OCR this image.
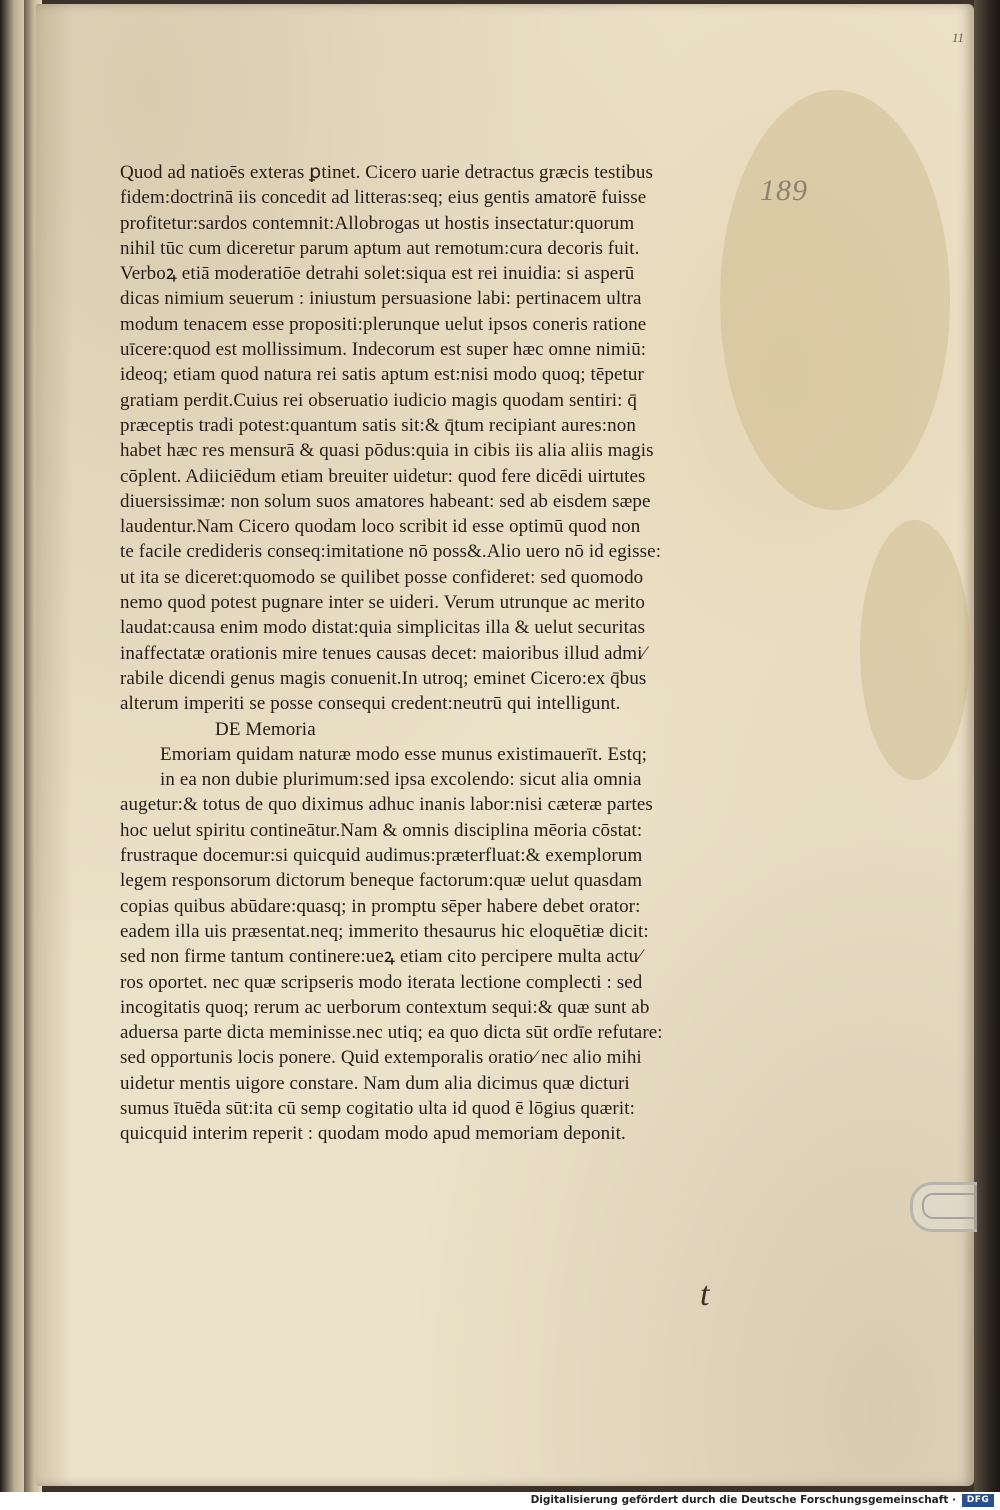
11
189
Quod ad natioēs exteras ꝑtinet. Cicero uarie detractus græcis testibus
fidem:doctrinā iis concedit ad litteras:seq; eius gentis amatorē fuisse
profitetur:sardos contemnit:Allobrogas ut hostis insectatur:quorum
nihil tūc cum diceretur parum aptum aut remotum:cura decoris fuit.
Verboꝝ etiā moderatiōe detrahi solet:siqua est rei inuidia: si asperū
dicas nimium seuerum : iniustum persuasione labi: pertinacem ultra
modum tenacem esse propositi:plerunque uelut ipsos coneris ratione
uīcere:quod est mollissimum. Indecorum est super hæc omne nimiū:
ideoq; etiam quod natura rei satis aptum est:nisi modo quoq; tēpetur
gratiam perdit.Cuius rei obseruatio iudicio magis quodam sentiri: q̄
præceptis tradi potest:quantum satis sit:& q̄tum recipiant aures:non
habet hæc res mensurā & quasi pōdus:quia in cibis iis alia aliis magis
cōplent. Adiiciēdum etiam breuiter uidetur: quod fere dicēdi uirtutes
diuersissimæ: non solum suos amatores habeant: sed ab eisdem sæpe
laudentur.Nam Cicero quodam loco scribit id esse optimū quod non
te facile credideris conseq:imitatione nō poss&.Alio uero nō id egisse:
ut ita se diceret:quomodo se quilibet posse confideret: sed quomodo
nemo quod potest pugnare inter se uideri. Verum utrunque ac merito
laudat:causa enim modo distat:quia simplicitas illa & uelut securitas
inaffectatæ orationis mire tenues causas decet: maioribus illud admi⁄
rabile dicendi genus magis conuenit.In utroq; eminet Cicero:ex q̄bus
alterum imperiti se posse consequi credent:neutrū qui intelligunt.
DE Memoria
Emoriam quidam naturæ modo esse munus existimauerīt. Estq;
in ea non dubie plurimum:sed ipsa excolendo: sicut alia omnia
augetur:& totus de quo diximus adhuc inanis labor:nisi cæteræ partes
hoc uelut spiritu contineātur.Nam & omnis disciplina mēoria cōstat:
frustraque docemur:si quicquid audimus:præterfluat:& exemplorum
legem responsorum dictorum beneque factorum:quæ uelut quasdam
copias quibus abūdare:quasq; in promptu sēper habere debet orator:
eadem illa uis præsentat.neq; immerito thesaurus hic eloquētiæ dicit:
sed non firme tantum continere:ueꝝ etiam cito percipere multa actu⁄
ros oportet. nec quæ scripseris modo iterata lectione complecti : sed
incogitatis quoq; rerum ac uerborum contextum sequi:& quæ sunt ab
aduersa parte dicta meminisse.nec utiq; ea quo dicta sūt ordīe refutare:
sed opportunis locis ponere. Quid extemporalis oratio⁄ nec alio mihi
uidetur mentis uigore constare. Nam dum alia dicimus quæ dicturi
sumus ītuēda sūt:ita cū semp cogitatio ulta id quod ē lōgius quærit:
quicquid interim reperit : quodam modo apud memoriam deponit.
t
Digitalisierung gefördert durch die Deutsche Forschungsgemeinschaft ·	DFG
